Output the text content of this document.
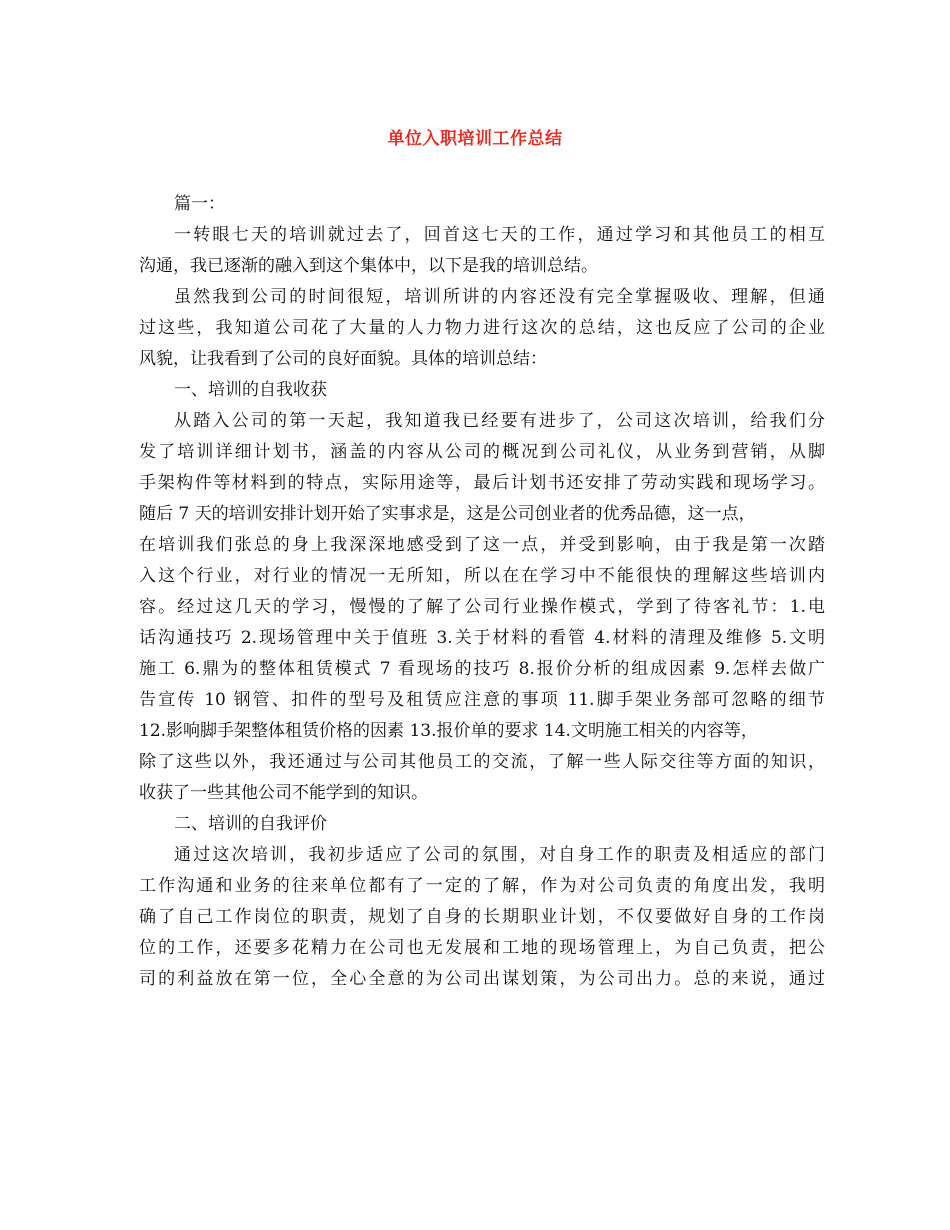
单位入职培训工作总结
篇一：
一转眼七天的培训就过去了，回首这七天的工作，通过学习和其他员工的相互
沟通，我已逐渐的融入到这个集体中，以下是我的培训总结。
虽然我到公司的时间很短，培训所讲的内容还没有完全掌握吸收、理解，但通
过这些，我知道公司花了大量的人力物力进行这次的总结，这也反应了公司的企业
风貌，让我看到了公司的良好面貌。具体的培训总结：
一、培训的自我收获
从踏入公司的第一天起，我知道我已经要有进步了，公司这次培训，给我们分
发了培训详细计划书，涵盖的内容从公司的概况到公司礼仪，从业务到营销，从脚
手架构件等材料到的特点，实际用途等，最后计划书还安排了劳动实践和现场学习。
随后 7 天的培训安排计划开始了实事求是，这是公司创业者的优秀品德，这一点，
在培训我们张总的身上我深深地感受到了这一点，并受到影响，由于我是第一次踏
入这个行业，对行业的情况一无所知，所以在在学习中不能很快的理解这些培训内
容。经过这几天的学习，慢慢的了解了公司行业操作模式，学到了待客礼节：1.电
话沟通技巧 2.现场管理中关于值班 3.关于材料的看管 4.材料的清理及维修 5.文明
施工 6.鼎为的整体租赁模式 7 看现场的技巧 8.报价分析的组成因素 9.怎样去做广
告宣传 10 钢管、扣件的型号及租赁应注意的事项 11.脚手架业务部可忽略的细节
12.影响脚手架整体租赁价格的因素 13.报价单的要求 14.文明施工相关的内容等，
除了这些以外，我还通过与公司其他员工的交流，了解一些人际交往等方面的知识，
收获了一些其他公司不能学到的知识。
二、培训的自我评价
通过这次培训，我初步适应了公司的氛围，对自身工作的职责及相适应的部门
工作沟通和业务的往来单位都有了一定的了解，作为对公司负责的角度出发，我明
确了自己工作岗位的职责，规划了自身的长期职业计划，不仅要做好自身的工作岗
位的工作，还要多花精力在公司也无发展和工地的现场管理上，为自己负责，把公
司的利益放在第一位，全心全意的为公司出谋划策，为公司出力。总的来说，通过
